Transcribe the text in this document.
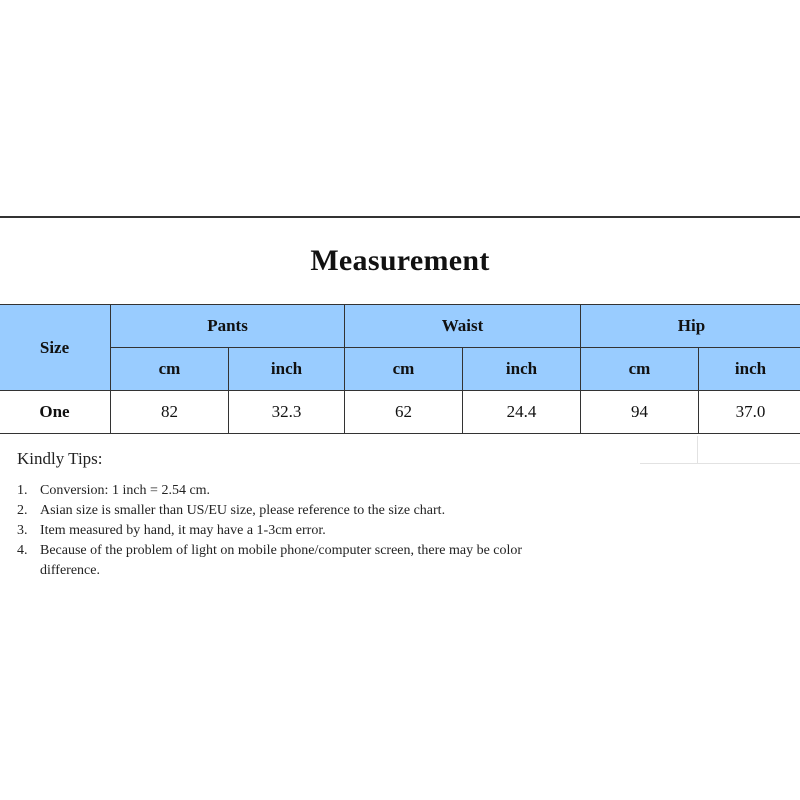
Measurement
Size	Pants		Waist		Hip	
	cm	inch	cm	inch	cm	inch
One	82	32.3	62	24.4	94	37.0
Kindly Tips:
1. Conversion: 1 inch = 2.54 cm.
2. Asian size is smaller than US/EU size, please reference to the size chart.
3. Item measured by hand, it may have a 1-3cm error.
4. Because of the problem of light on mobile phone/computer screen, there may be color difference.
